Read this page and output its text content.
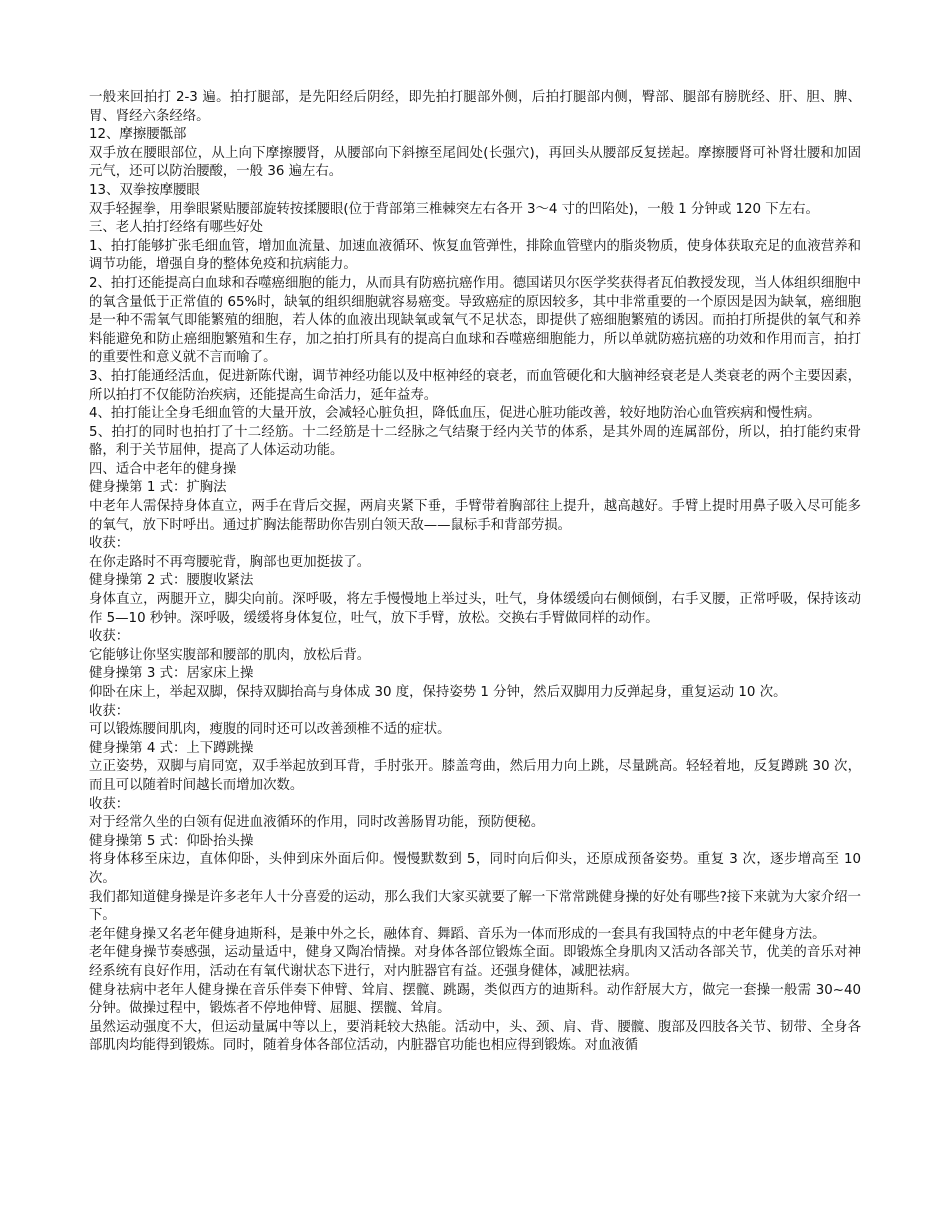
一般来回拍打 2-3 遍。拍打腿部，是先阳经后阴经，即先拍打腿部外侧，后拍打腿部内侧，臀部、腿部有膀胱经、肝、胆、脾、胃、肾经六条经络。

12、摩擦腰骶部

双手放在腰眼部位，从上向下摩擦腰肾，从腰部向下斜擦至尾闾处(长强穴)，再回头从腰部反复搓起。摩擦腰肾可补肾壮腰和加固元气，还可以防治腰酸，一般 36 遍左右。

13、双拳按摩腰眼

双手轻握拳，用拳眼紧贴腰部旋转按揉腰眼(位于背部第三椎棘突左右各开 3～4 寸的凹陷处)，一般 1 分钟或 120 下左右。

三、老人拍打经络有哪些好处

1、拍打能够扩张毛细血管，增加血流量、加速血液循环、恢复血管弹性，排除血管壁内的脂炎物质，使身体获取充足的血液营养和调节功能，增强自身的整体免疫和抗病能力。

2、拍打还能提高白血球和吞噬癌细胞的能力，从而具有防癌抗癌作用。德国诺贝尔医学奖获得者瓦伯教授发现，当人体组织细胞中的氧含量低于正常值的 65%时，缺氧的组织细胞就容易癌变。导致癌症的原因较多，其中非常重要的一个原因是因为缺氧，癌细胞是一种不需氧气即能繁殖的细胞，若人体的血液出现缺氧或氧气不足状态，即提供了癌细胞繁殖的诱因。而拍打所提供的氧气和养料能避免和防止癌细胞繁殖和生存，加之拍打所具有的提高白血球和吞噬癌细胞能力，所以单就防癌抗癌的功效和作用而言，拍打的重要性和意义就不言而喻了。

3、拍打能通经活血，促进新陈代谢，调节神经功能以及中枢神经的衰老，而血管硬化和大脑神经衰老是人类衰老的两个主要因素，所以拍打不仅能防治疾病，还能提高生命活力，延年益寿。

4、拍打能让全身毛细血管的大量开放，会减轻心脏负担，降低血压，促进心脏功能改善，较好地防治心血管疾病和慢性病。

5、拍打的同时也拍打了十二经筋。十二经筋是十二经脉之气结聚于经内关节的体系，是其外周的连属部份，所以，拍打能约束骨骼，利于关节屈伸，提高了人体运动功能。

四、适合中老年的健身操

健身操第 1 式：扩胸法

中老年人需保持身体直立，两手在背后交握，两肩夹紧下垂，手臂带着胸部往上提升，越高越好。手臂上提时用鼻子吸入尽可能多的氧气，放下时呼出。通过扩胸法能帮助你告别白领天敌——鼠标手和背部劳损。

收获：

在你走路时不再弯腰驼背，胸部也更加挺拔了。

健身操第 2 式：腰腹收紧法

身体直立，两腿开立，脚尖向前。深呼吸，将左手慢慢地上举过头，吐气，身体缓缓向右侧倾倒，右手叉腰，正常呼吸，保持该动作 5—10 秒钟。深呼吸，缓缓将身体复位，吐气，放下手臂，放松。交换右手臂做同样的动作。

收获：

它能够让你坚实腹部和腰部的肌肉，放松后背。

健身操第 3 式：居家床上操

仰卧在床上，举起双脚，保持双脚抬高与身体成 30 度，保持姿势 1 分钟，然后双脚用力反弹起身，重复运动 10 次。

收获：

可以锻炼腰间肌肉，瘦腹的同时还可以改善颈椎不适的症状。

健身操第 4 式：上下蹲跳操

立正姿势，双脚与肩同宽，双手举起放到耳背，手肘张开。膝盖弯曲，然后用力向上跳，尽量跳高。轻轻着地，反复蹲跳 30 次，而且可以随着时间越长而增加次数。

收获：

对于经常久坐的白领有促进血液循环的作用，同时改善肠胃功能，预防便秘。

健身操第 5 式：仰卧抬头操

将身体移至床边，直体仰卧，头伸到床外面后仰。慢慢默数到 5，同时向后仰头，还原成预备姿势。重复 3 次，逐步增高至 10 次。

我们都知道健身操是许多老年人十分喜爱的运动，那么我们大家买就要了解一下常常跳健身操的好处有哪些?接下来就为大家介绍一下。

老年健身操又名老年健身迪斯科，是兼中外之长，融体育、舞蹈、音乐为一体而形成的一套具有我国特点的中老年健身方法。

老年健身操节奏感强，运动量适中，健身又陶冶情操。对身体各部位锻炼全面。即锻炼全身肌肉又活动各部关节，优美的音乐对神经系统有良好作用，活动在有氧代谢状态下进行，对内脏器官有益。还强身健体，减肥祛病。

健身祛病中老年人健身操在音乐伴奏下伸臂、耸肩、摆髋、跳踢，类似西方的迪斯科。动作舒展大方，做完一套操一般需 30~40 分钟。做操过程中，锻炼者不停地伸臂、屈腿、摆髋、耸肩。

虽然运动强度不大，但运动量属中等以上，要消耗较大热能。活动中，头、颈、肩、背、腰髋、腹部及四肢各关节、韧带、全身各部肌肉均能得到锻炼。同时，随着身体各部位活动，内脏器官功能也相应得到锻炼。对血液循
